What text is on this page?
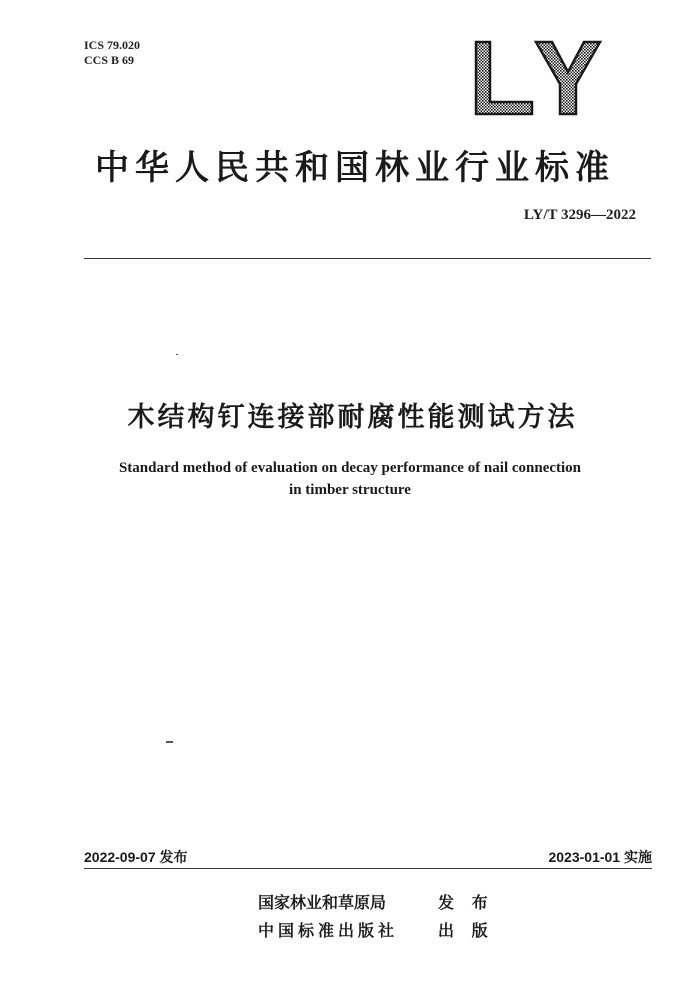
ICS 79.020
CCS B 69
中华人民共和国林业行业标准
LY/T 3296—2022
木结构钉连接部耐腐性能测试方法
Standard method of evaluation on decay performance of nail connection
in timber structure
2022-09-07 发布	2023-01-01 实施
国家林业和草原局	发 布
中国标准出版社 出 版
